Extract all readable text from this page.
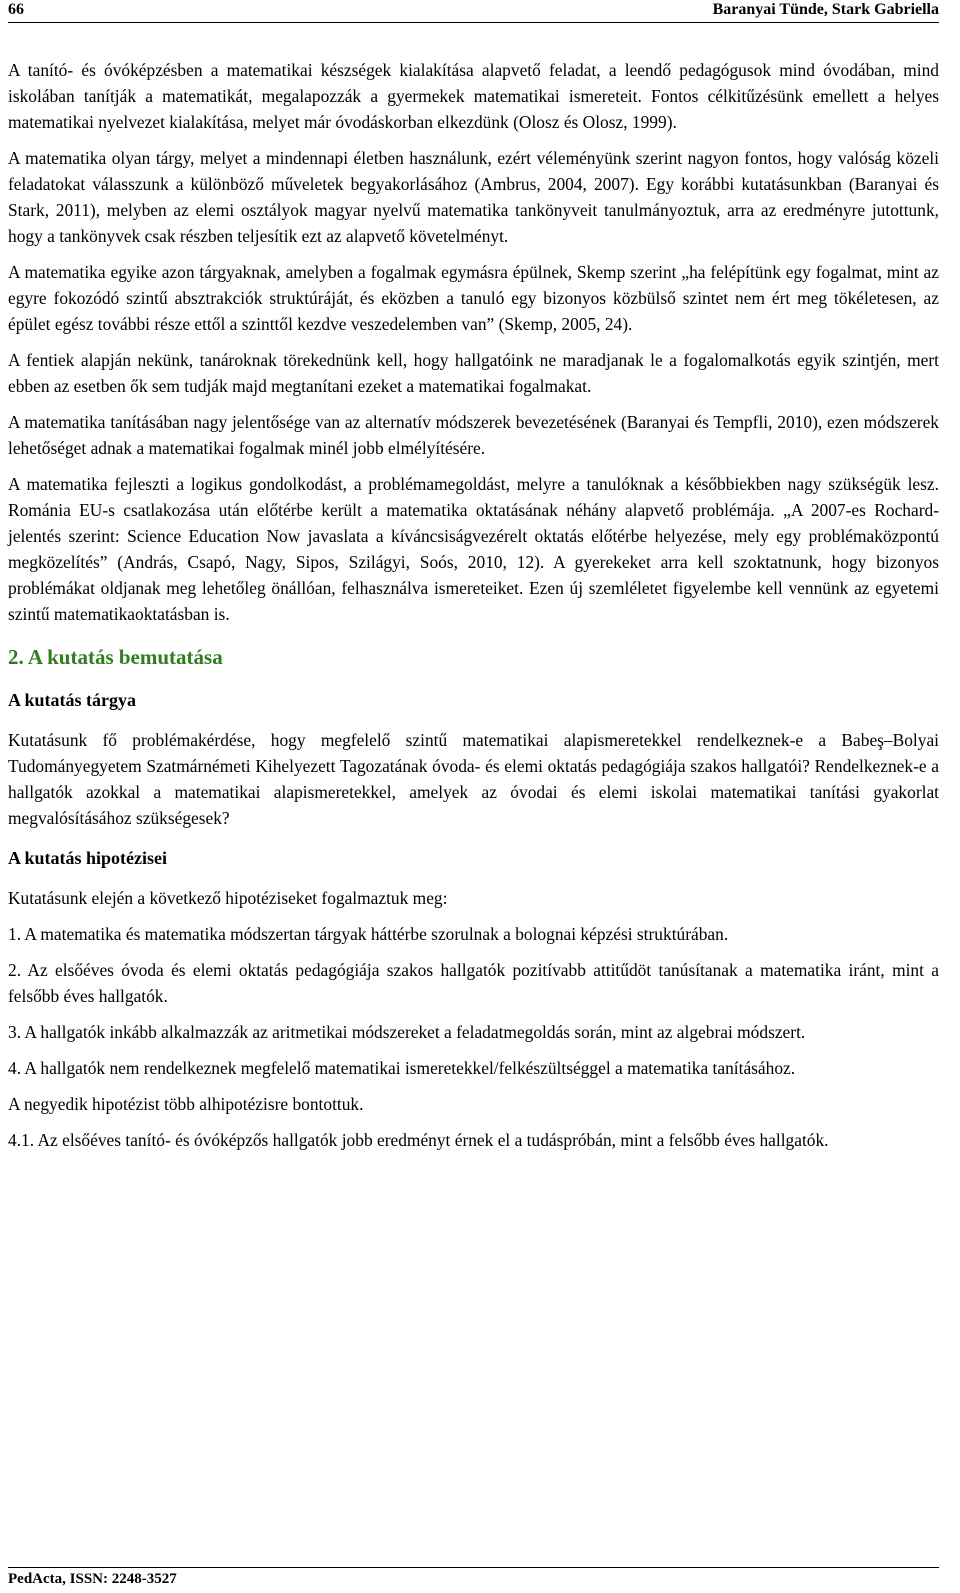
66	Baranyai Tünde, Stark Gabriella

A tanító- és óvóképzésben a matematikai készségek kialakítása alapvető feladat, a leendő pedagógusok mind óvodában, mind iskolában tanítják a matematikát, megalapozzák a gyermekek matematikai ismereteit. Fontos célkitűzésünk emellett a helyes matematikai nyelvezet kialakítása, melyet már óvodáskorban elkezdünk (Olosz és Olosz, 1999).

A matematika olyan tárgy, melyet a mindennapi életben használunk, ezért véleményünk szerint nagyon fontos, hogy valóság közeli feladatokat válasszunk a különböző műveletek begyakorlásához (Ambrus, 2004, 2007). Egy korábbi kutatásunkban (Baranyai és Stark, 2011), melyben az elemi osztályok magyar nyelvű matematika tankönyveit tanulmányoztuk, arra az eredményre jutottunk, hogy a tankönyvek csak részben teljesítik ezt az alapvető követelményt.

A matematika egyike azon tárgyaknak, amelyben a fogalmak egymásra épülnek, Skemp szerint „ha felépítünk egy fogalmat, mint az egyre fokozódó szintű absztrakciók struktúráját, és eközben a tanuló egy bizonyos közbülső szintet nem ért meg tökéletesen, az épület egész további része ettől a szinttől kezdve veszedelemben van” (Skemp, 2005, 24).

A fentiek alapján nekünk, tanároknak törekednünk kell, hogy hallgatóink ne maradjanak le a fogalomalkotás egyik szintjén, mert ebben az esetben ők sem tudják majd megtanítani ezeket a matematikai fogalmakat.

A matematika tanításában nagy jelentősége van az alternatív módszerek bevezetésének (Baranyai és Tempfli, 2010), ezen módszerek lehetőséget adnak a matematikai fogalmak minél jobb elmélyítésére.

A matematika fejleszti a logikus gondolkodást, a problémamegoldást, melyre a tanulóknak a későbbiekben nagy szükségük lesz. Románia EU-s csatlakozása után előtérbe került a matematika oktatásának néhány alapvető problémája. „A 2007-es Rochard- jelentés szerint: Science Education Now javaslata a kíváncsiságvezérelt oktatás előtérbe helyezése, mely egy problémaközpontú megközelítés” (András, Csapó, Nagy, Sipos, Szilágyi, Soós, 2010, 12). A gyerekeket arra kell szoktatnunk, hogy bizonyos problémákat oldjanak meg lehetőleg önállóan, felhasználva ismereteiket. Ezen új szemléletet figyelembe kell vennünk az egyetemi szintű matematikaoktatásban is.

2. A kutatás bemutatása
A kutatás tárgya

Kutatásunk fő problémakérdése, hogy megfelelő szintű matematikai alapismeretekkel rendelkeznek-e a Babeş–Bolyai Tudományegyetem Szatmárnémeti Kihelyezett Tagozatának óvoda- és elemi oktatás pedagógiája szakos hallgatói? Rendelkeznek-e a hallgatók azokkal a matematikai alapismeretekkel, amelyek az óvodai és elemi iskolai matematikai tanítási gyakorlat megvalósításához szükségesek?

A kutatás hipotézisei

Kutatásunk elején a következő hipotéziseket fogalmaztuk meg:

1. A matematika és matematika módszertan tárgyak háttérbe szorulnak a bolognai képzési struktúrában.

2. Az elsőéves óvoda és elemi oktatás pedagógiája szakos hallgatók pozitívabb attitűdöt tanúsítanak a matematika iránt, mint a felsőbb éves hallgatók.

3. A hallgatók inkább alkalmazzák az aritmetikai módszereket a feladatmegoldás során, mint az algebrai módszert.

4. A hallgatók nem rendelkeznek megfelelő matematikai ismeretekkel/felkészültséggel a matematika tanításához.

A negyedik hipotézist több alhipotézisre bontottuk.

4.1. Az elsőéves tanító- és óvóképzős hallgatók jobb eredményt érnek el a tudáspróbán, mint a felsőbb éves hallgatók.

PedActa, ISSN: 2248-3527
